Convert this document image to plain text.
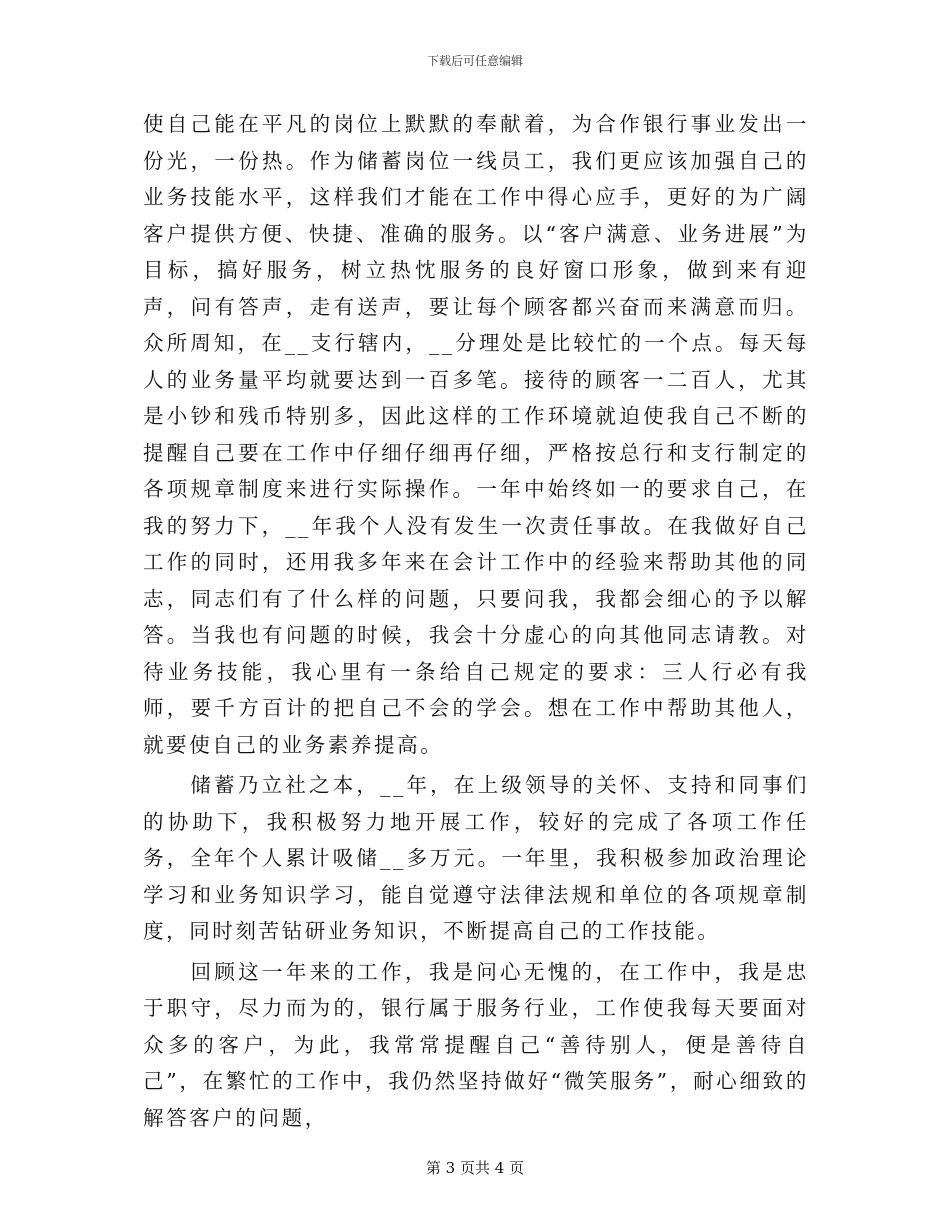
下载后可任意编辑

使自己能在平凡的岗位上默默的奉献着，为合作银行事业发出一份光，一份热。作为储蓄岗位一线员工，我们更应该加强自己的业务技能水平，这样我们才能在工作中得心应手，更好的为广阔客户提供方便、快捷、准确的服务。以“客户满意、业务进展”为目标，搞好服务，树立热忱服务的良好窗口形象，做到来有迎声，问有答声，走有送声，要让每个顾客都兴奋而来满意而归。众所周知，在__支行辖内，__分理处是比较忙的一个点。每天每人的业务量平均就要达到一百多笔。接待的顾客一二百人，尤其是小钞和残币特别多，因此这样的工作环境就迫使我自己不断的提醒自己要在工作中仔细仔细再仔细，严格按总行和支行制定的各项规章制度来进行实际操作。一年中始终如一的要求自己，在我的努力下，__年我个人没有发生一次责任事故。在我做好自己工作的同时，还用我多年来在会计工作中的经验来帮助其他的同志，同志们有了什么样的问题，只要问我，我都会细心的予以解答。当我也有问题的时候，我会十分虚心的向其他同志请教。对待业务技能，我心里有一条给自己规定的要求：三人行必有我师，要千方百计的把自己不会的学会。想在工作中帮助其他人，就要使自己的业务素养提高。

　　储蓄乃立社之本，__年，在上级领导的关怀、支持和同事们的协助下，我积极努力地开展工作，较好的完成了各项工作任务，全年个人累计吸储__多万元。一年里，我积极参加政治理论学习和业务知识学习，能自觉遵守法律法规和单位的各项规章制度，同时刻苦钻研业务知识，不断提高自己的工作技能。

　　回顾这一年来的工作，我是问心无愧的，在工作中，我是忠于职守，尽力而为的，银行属于服务行业，工作使我每天要面对众多的客户，为此，我常常提醒自己“善待别人，便是善待自己”，在繁忙的工作中，我仍然坚持做好“微笑服务”，耐心细致的解答客户的问题，

第 3 页共 4 页
